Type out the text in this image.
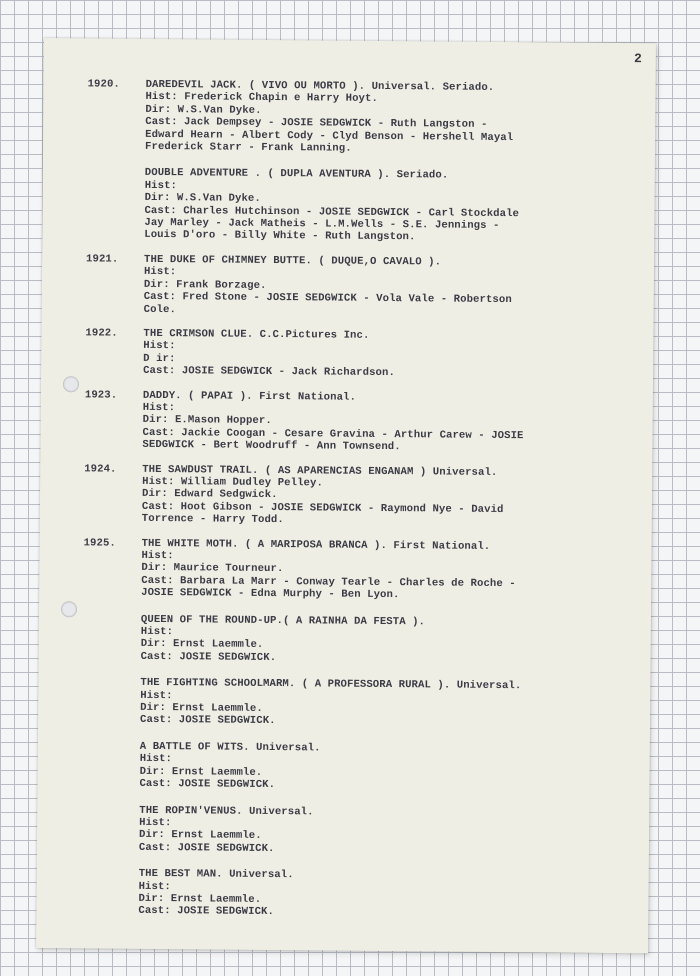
2
1920.	DAREDEVIL JACK. ( VIVO OU MORTO ). Universal. Seriado.
Hist: Frederick Chapin e Harry Hoyt.
Dir: W.S.Van Dyke.
Cast: Jack Dempsey - JOSIE SEDGWICK - Ruth Langston -
Edward Hearn - Albert Cody - Clyd Benson - Hershell Mayal
Frederick Starr - Frank Lanning.
DOUBLE ADVENTURE . ( DUPLA AVENTURA ). Seriado.
Hist:
Dir: W.S.Van Dyke.
Cast: Charles Hutchinson - JOSIE SEDGWICK - Carl Stockdale
Jay Marley - Jack Matheis - L.M.Wells - S.E. Jennings -
Louis D'oro - Billy White - Ruth Langston.
1921.	THE DUKE OF CHIMNEY BUTTE. ( DUQUE,O CAVALO ).
Hist:
Dir: Frank Borzage.
Cast: Fred Stone - JOSIE SEDGWICK - Vola Vale - Robertson
Cole.
1922.	THE CRIMSON CLUE. C.C.Pictures Inc.
Hist:
D ir:
Cast: JOSIE SEDGWICK - Jack Richardson.
1923.	DADDY. ( PAPAI ). First National.
Hist:
Dir: E.Mason Hopper.
Cast: Jackie Coogan - Cesare Gravina - Arthur Carew - JOSIE
SEDGWICK - Bert Woodruff - Ann Townsend.
1924.	THE SAWDUST TRAIL. ( AS APARENCIAS ENGANAM ) Universal.
Hist: William Dudley Pelley.
Dir: Edward Sedgwick.
Cast: Hoot Gibson - JOSIE SEDGWICK - Raymond Nye - David
Torrence - Harry Todd.
1925.	THE WHITE MOTH. ( A MARIPOSA BRANCA ). First National.
Hist:
Dir: Maurice Tourneur.
Cast: Barbara La Marr - Conway Tearle - Charles de Roche -
JOSIE SEDGWICK - Edna Murphy - Ben Lyon.
QUEEN OF THE ROUND-UP.( A RAINHA DA FESTA ).
Hist:
Dir: Ernst Laemmle.
Cast: JOSIE SEDGWICK.
THE FIGHTING SCHOOLMARM. ( A PROFESSORA RURAL ). Universal.
Hist:
Dir: Ernst Laemmle.
Cast: JOSIE SEDGWICK.
A BATTLE OF WITS. Universal.
Hist:
Dir: Ernst Laemmle.
Cast: JOSIE SEDGWICK.
THE ROPIN'VENUS. Universal.
Hist:
Dir: Ernst Laemmle.
Cast: JOSIE SEDGWICK.
THE BEST MAN. Universal.
Hist:
Dir: Ernst Laemmle.
Cast: JOSIE SEDGWICK.
